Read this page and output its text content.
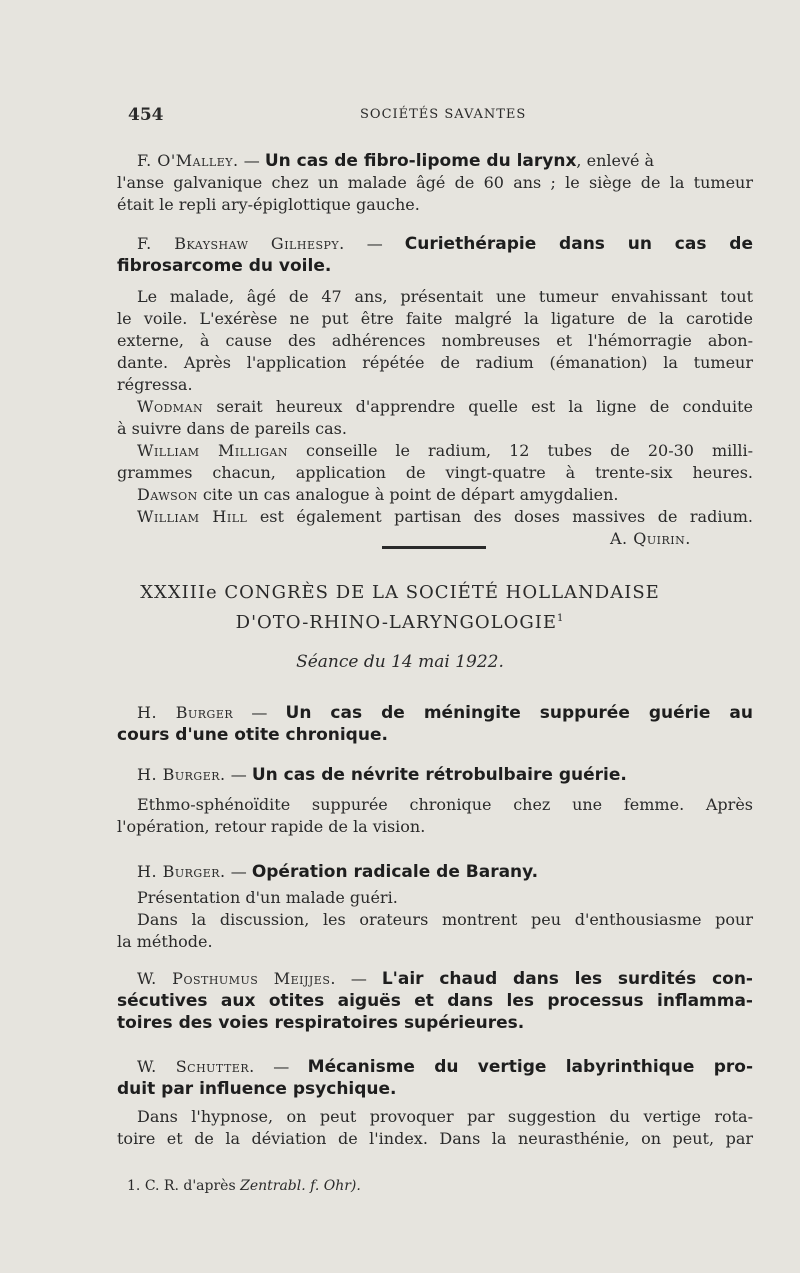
454	SOCIÉTÉS SAVANTES
F. O'Malley. — Un cas de fibro-lipome du larynx, enlevé à
l'anse galvanique chez un malade âgé de 60 ans ; le siège de la tumeur
était le repli ary-épiglottique gauche.
F. Bkayshaw Gilhespy. — Curiethérapie dans un cas de
fibrosarcome du voile.
Le malade, âgé de 47 ans, présentait une tumeur envahissant tout
le voile. L'exérèse ne put être faite malgré la ligature de la carotide
externe, à cause des adhérences nombreuses et l'hémorragie abon-
dante. Après l'application répétée de radium (émanation) la tumeur
régressa.
Wodman serait heureux d'apprendre quelle est la ligne de conduite
à suivre dans de pareils cas.
William Milligan conseille le radium, 12 tubes de 20-30 milli-
grammes chacun, application de vingt-quatre à trente-six heures.
Dawson cite un cas analogue à point de départ amygdalien.
William Hill est également partisan des doses massives de radium.
A. Quirin.
XXXIIIe CONGRÈS DE LA SOCIÉTÉ HOLLANDAISE
D'OTO-RHINO-LARYNGOLOGIE$^1$
Séance du 14 mai 1922.
H. Burger — Un cas de méningite suppurée guérie au
cours d'une otite chronique.
H. Burger. — Un cas de névrite rétrobulbaire guérie.
Ethmo-sphénoïdite suppurée chronique chez une femme. Après
l'opération, retour rapide de la vision.
H. Burger. — Opération radicale de Barany.
Présentation d'un malade guéri.
Dans la discussion, les orateurs montrent peu d'enthousiasme pour
la méthode.
W. Posthumus Meijjes. — L'air chaud dans les surdités con-
sécutives aux otites aiguës et dans les processus inflamma-
toires des voies respiratoires supérieures.
W. Schutter. — Mécanisme du vertige labyrinthique pro-
duit par influence psychique.
Dans l'hypnose, on peut provoquer par suggestion du vertige rota-
toire et de la déviation de l'index. Dans la neurasthénie, on peut, par
1. C. R. d'après Zentrabl. f. Ohr).
